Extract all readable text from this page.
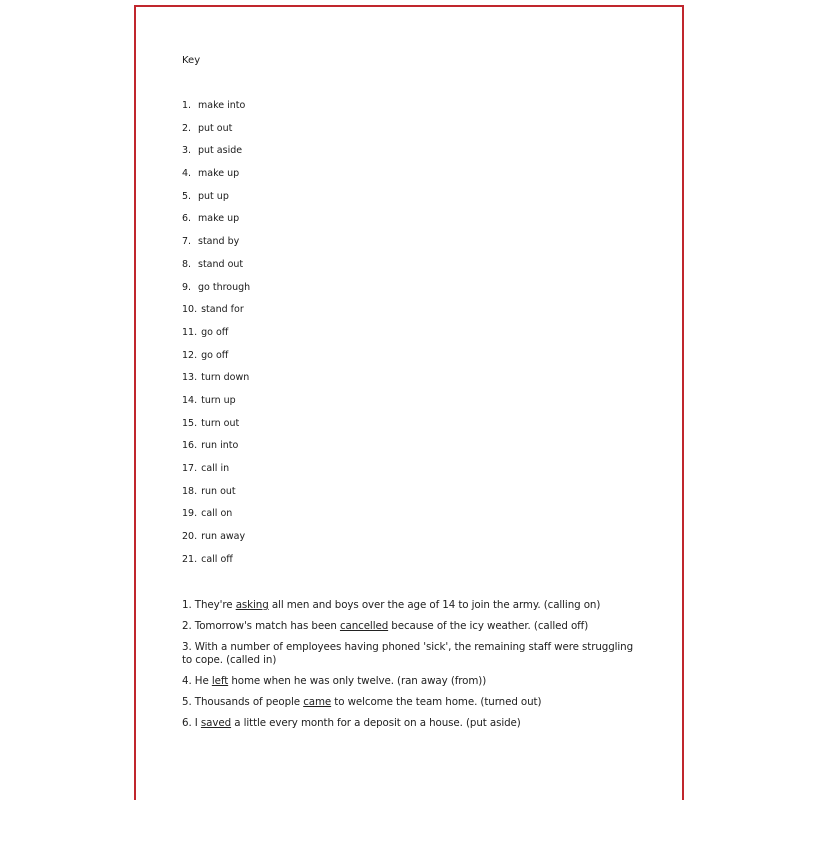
Key
1. make into
2. put out
3. put aside
4. make up
5. put up
6. make up
7. stand by
8. stand out
9. go through
10. stand for
11. go off
12. go off
13. turn down
14. turn up
15. turn out
16. run into
17. call in
18. run out
19. call on
20. run away
21. call off
1. They're asking all men and boys over the age of 14 to join the army. (calling on)
2. Tomorrow's match has been cancelled because of the icy weather. (called off)
3. With a number of employees having phoned 'sick', the remaining staff were struggling to cope. (called in)
4. He left home when he was only twelve. (ran away (from))
5. Thousands of people came to welcome the team home. (turned out)
6. I saved a little every month for a deposit on a house. (put aside)
